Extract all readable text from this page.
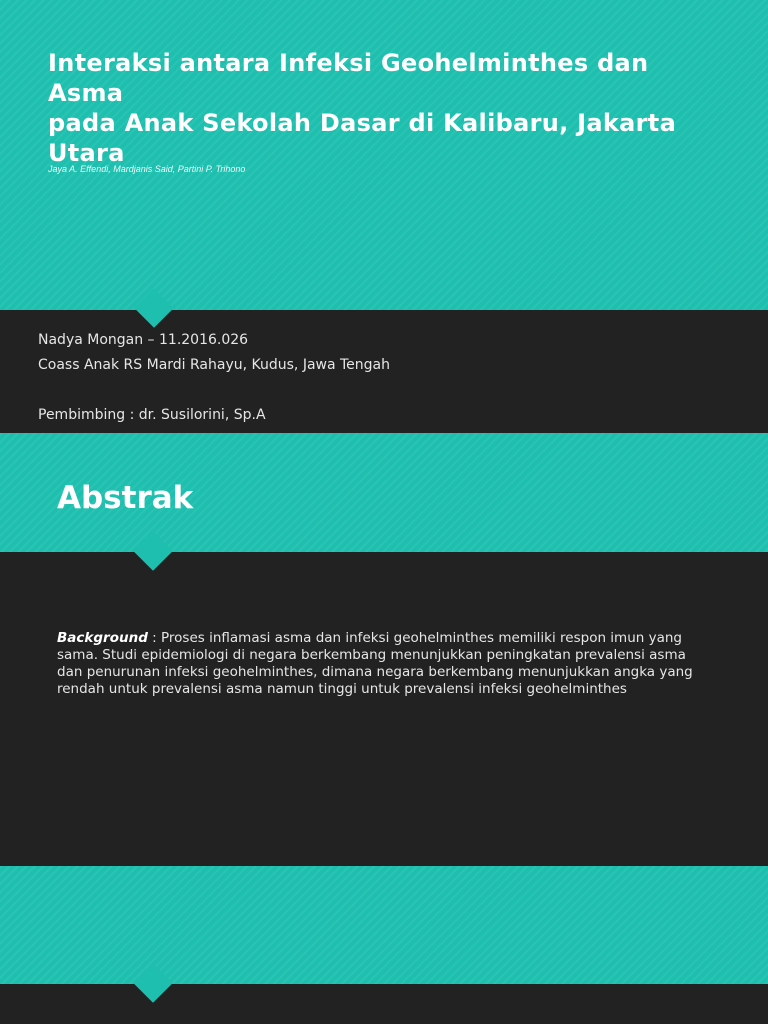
Interaksi antara Infeksi Geohelminthes dan
Asma
pada Anak Sekolah Dasar di Kalibaru, Jakarta
Utara
Jaya A. Effendi, Mardjanis Said, Partini P. Trihono
Nadya Mongan – 11.2016.026
Coass Anak RS Mardi Rahayu, Kudus, Jawa Tengah
Pembimbing : dr. Susilorini, Sp.A
Abstrak

Background : Proses inflamasi asma dan infeksi geohelminthes memiliki respon imun yang sama. Studi epidemiologi di negara berkembang menunjukkan peningkatan prevalensi asma dan penurunan infeksi geohelminthes, dimana negara berkembang menunjukkan angka yang rendah untuk prevalensi asma namun tinggi untuk prevalensi infeksi geohelminthes
